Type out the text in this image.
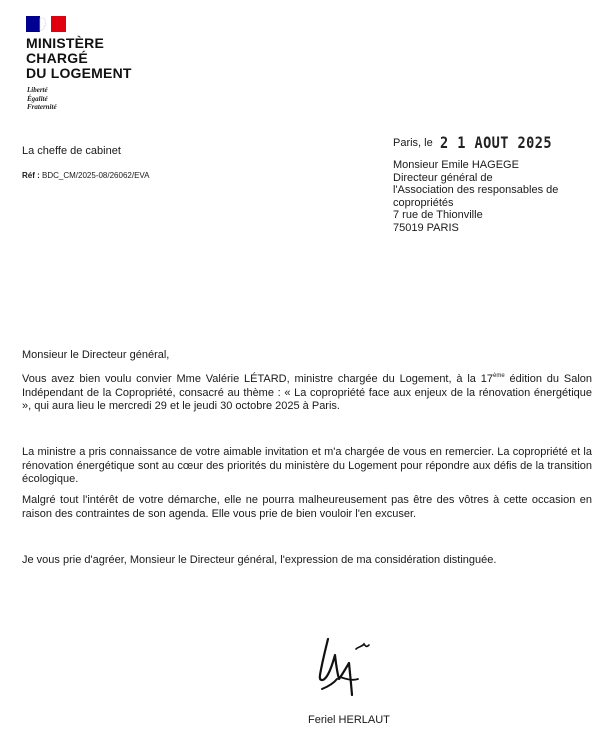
MINISTÈRE
CHARGÉ
DU LOGEMENT
Liberté
Égalité
Fraternité
La cheffe de cabinet
Réf : BDC_CM/2025-08/26062/EVA
Paris, le 2 1 AOUT 2025
Monsieur Emile HAGEGE
Directeur général de
l'Association des responsables de
copropriétés
7 rue de Thionville
75019 PARIS
Monsieur le Directeur général,
Vous avez bien voulu convier Mme Valérie LÉTARD, ministre chargée du Logement, à la 17ème édition du Salon Indépendant de la Copropriété, consacré au thème : « La copropriété face aux enjeux de la rénovation énergétique », qui aura lieu le mercredi 29 et le jeudi 30 octobre 2025 à Paris.
La ministre a pris connaissance de votre aimable invitation et m'a chargée de vous en remercier. La copropriété et la rénovation énergétique sont au cœur des priorités du ministère du Logement pour répondre aux défis de la transition écologique.
Malgré tout l'intérêt de votre démarche, elle ne pourra malheureusement pas être des vôtres à cette occasion en raison des contraintes de son agenda. Elle vous prie de bien vouloir l'en excuser.
Je vous prie d'agréer, Monsieur le Directeur général, l'expression de ma considération distinguée.
Feriel HERLAUT
